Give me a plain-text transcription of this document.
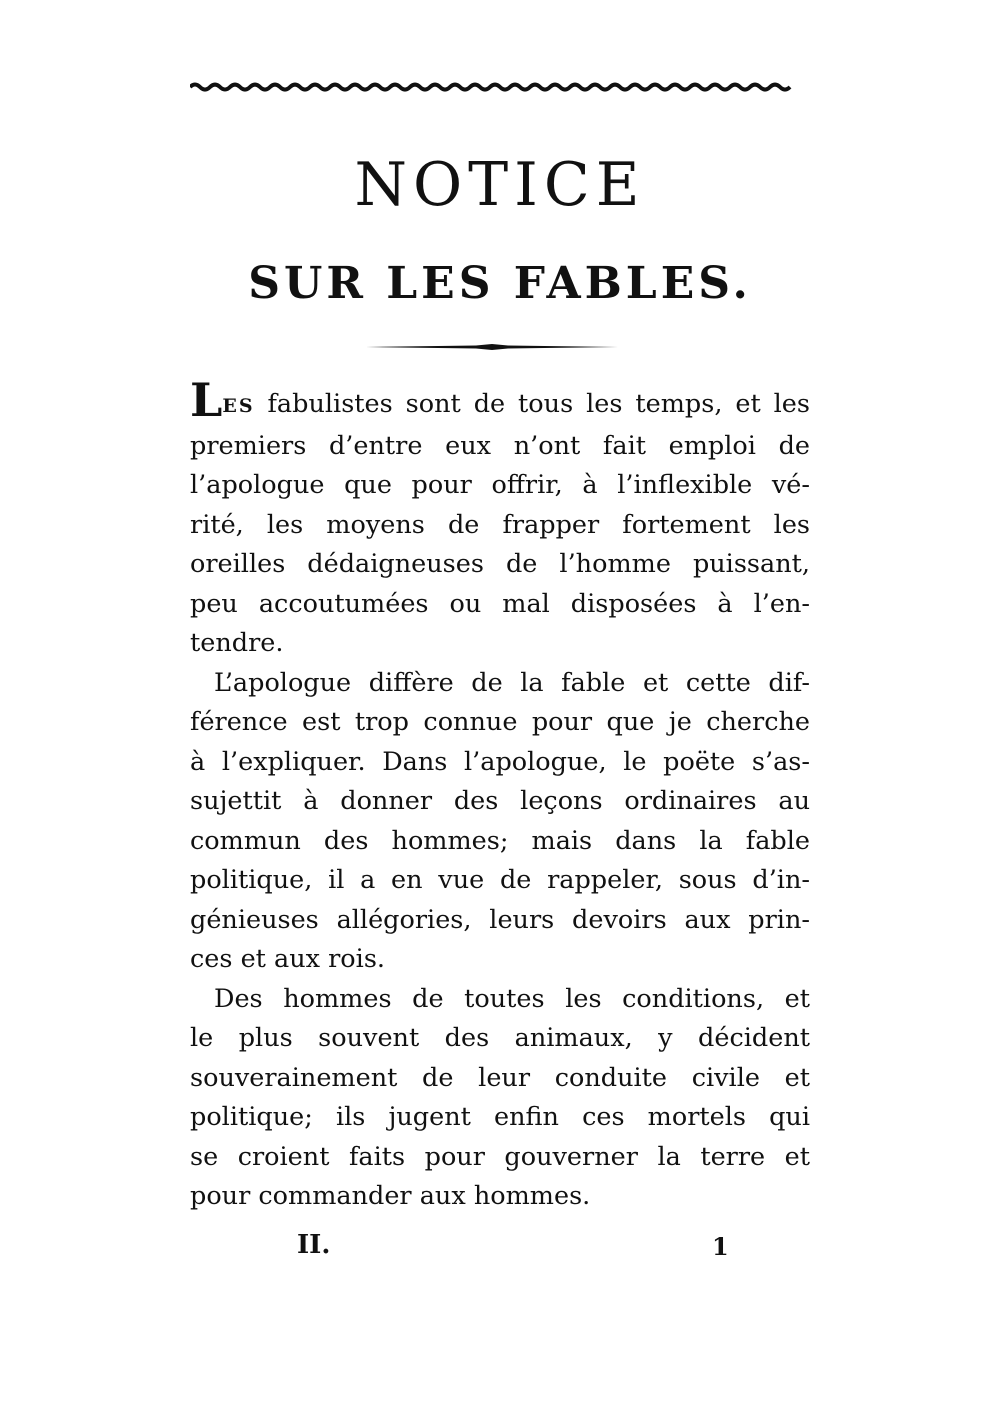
NOTICE
SUR LES FABLES.

LES fabulistes sont de tous les temps, et les
premiers d’entre eux n’ont fait emploi de
l’apologue que pour offrir, à l’inflexible vé-
rité, les moyens de frapper fortement les
oreilles dédaigneuses de l’homme puissant,
peu accoutumées ou mal disposées à l’en-
tendre.

L’apologue diffère de la fable et cette dif-
férence est trop connue pour que je cherche
à l’expliquer. Dans l’apologue, le poëte s’as-
sujettit à donner des leçons ordinaires au
commun des hommes; mais dans la fable
politique, il a en vue de rappeler, sous d’in-
génieuses allégories, leurs devoirs aux prin-
ces et aux rois.

Des hommes de toutes les conditions, et
le plus souvent des animaux, y décident
souverainement de leur conduite civile et
politique; ils jugent enfin ces mortels qui
se croient faits pour gouverner la terre et
pour commander aux hommes.

II.	1
